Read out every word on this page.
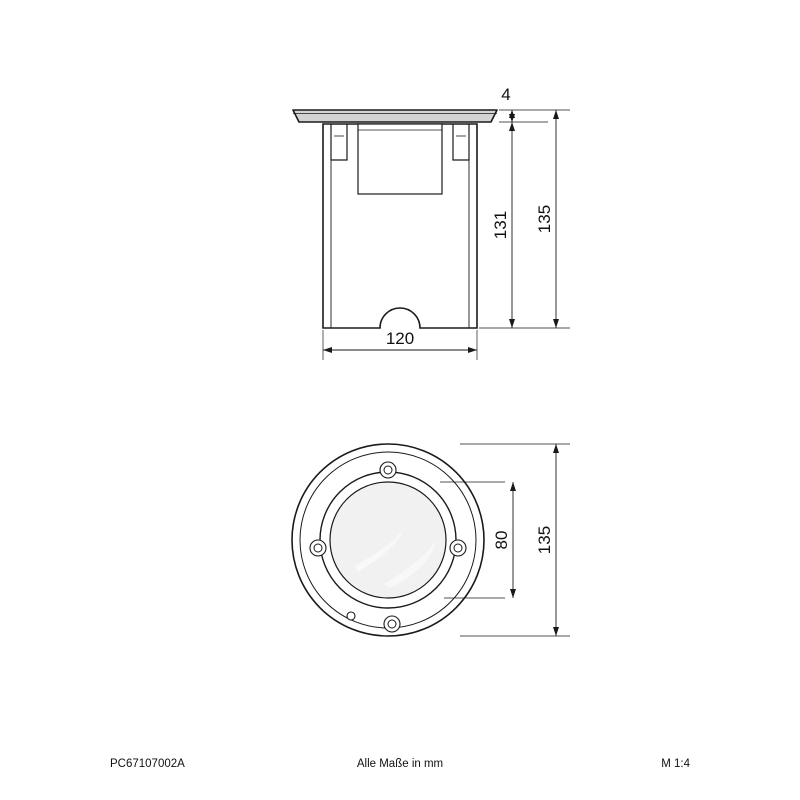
4
131 135
120
80 135
PC67107002A	Alle Maße in mm	M 1:4
